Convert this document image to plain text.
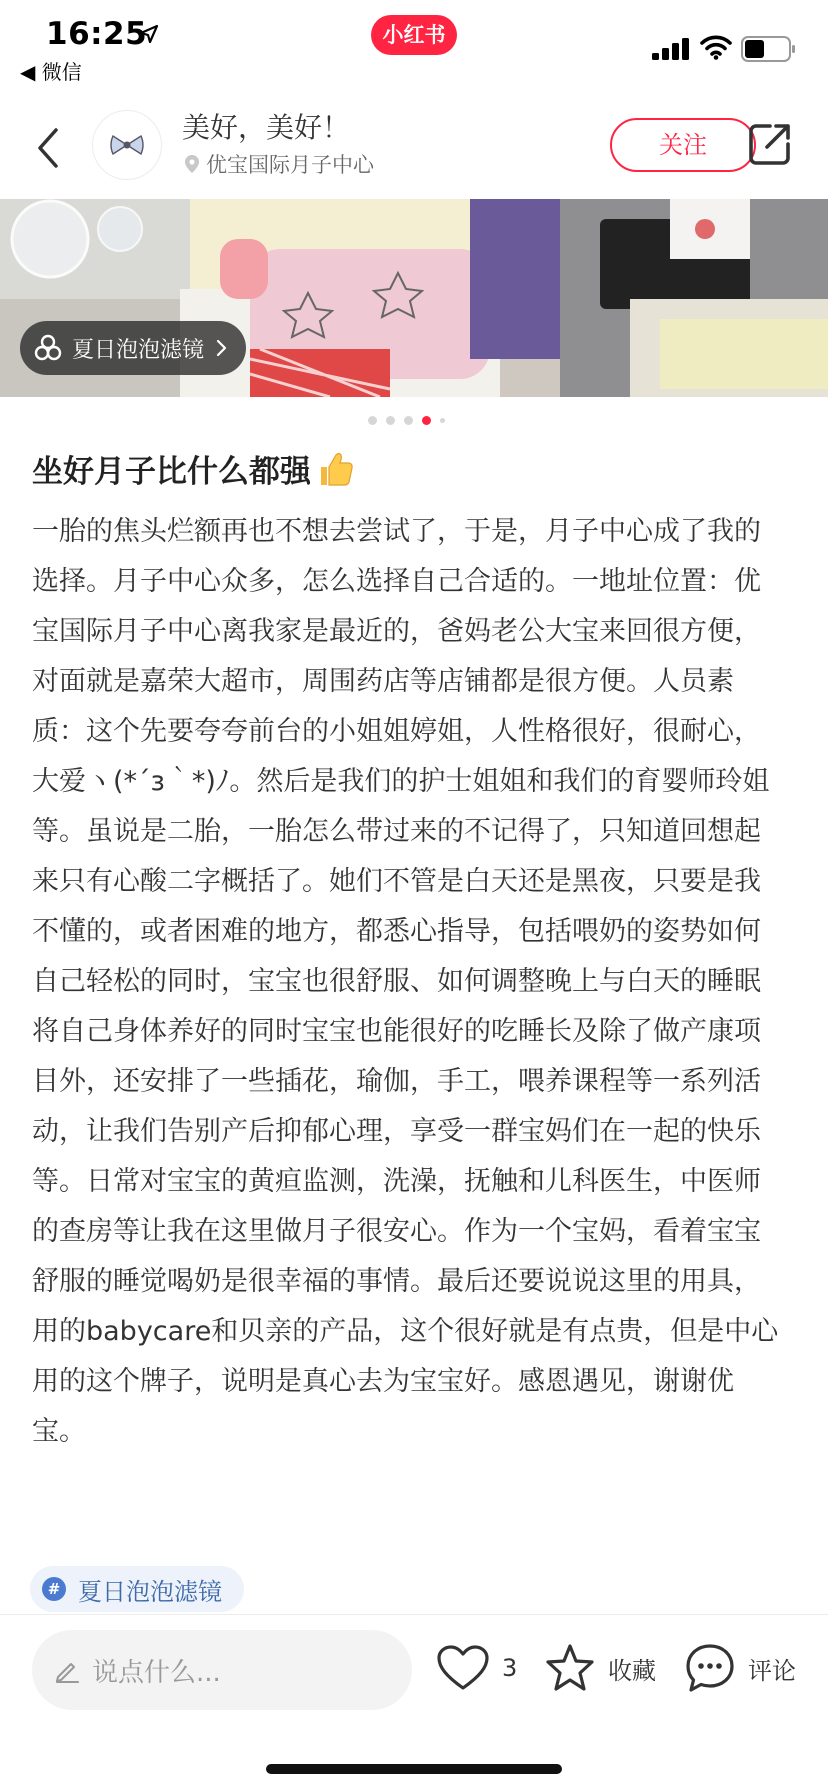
16:25
◀ 微信
小红书
美好，美好！
优宝国际月子中心
关注
夏日泡泡滤镜
坐好月子比什么都强
一胎的焦头烂额再也不想去尝试了，于是，月子中心成了我的选择。月子中心众多，怎么选择自己合适的。一地址位置：优宝国际月子中心离我家是最近的，爸妈老公大宝来回很方便，对面就是嘉荣大超市，周围药店等店铺都是很方便。人员素质：这个先要夸夸前台的小姐姐婷姐，人性格很好，很耐心，大爱ヽ(*´з｀*)ﾉ。然后是我们的护士姐姐和我们的育婴师玲姐等。虽说是二胎，一胎怎么带过来的不记得了，只知道回想起来只有心酸二字概括了。她们不管是白天还是黑夜，只要是我不懂的，或者困难的地方，都悉心指导，包括喂奶的姿势如何自己轻松的同时，宝宝也很舒服、如何调整晚上与白天的睡眠将自己身体养好的同时宝宝也能很好的吃睡长及除了做产康项目外，还安排了一些插花，瑜伽，手工，喂养课程等一系列活动，让我们告别产后抑郁心理，享受一群宝妈们在一起的快乐等。日常对宝宝的黄疸监测，洗澡，抚触和儿科医生，中医师的查房等让我在这里做月子很安心。作为一个宝妈，看着宝宝舒服的睡觉喝奶是很幸福的事情。最后还要说说这里的用具，用的babycare和贝亲的产品，这个很好就是有点贵，但是中心用的这个牌子，说明是真心去为宝宝好。感恩遇见，谢谢优宝。
# 夏日泡泡滤镜
说点什么...	3	收藏	评论
